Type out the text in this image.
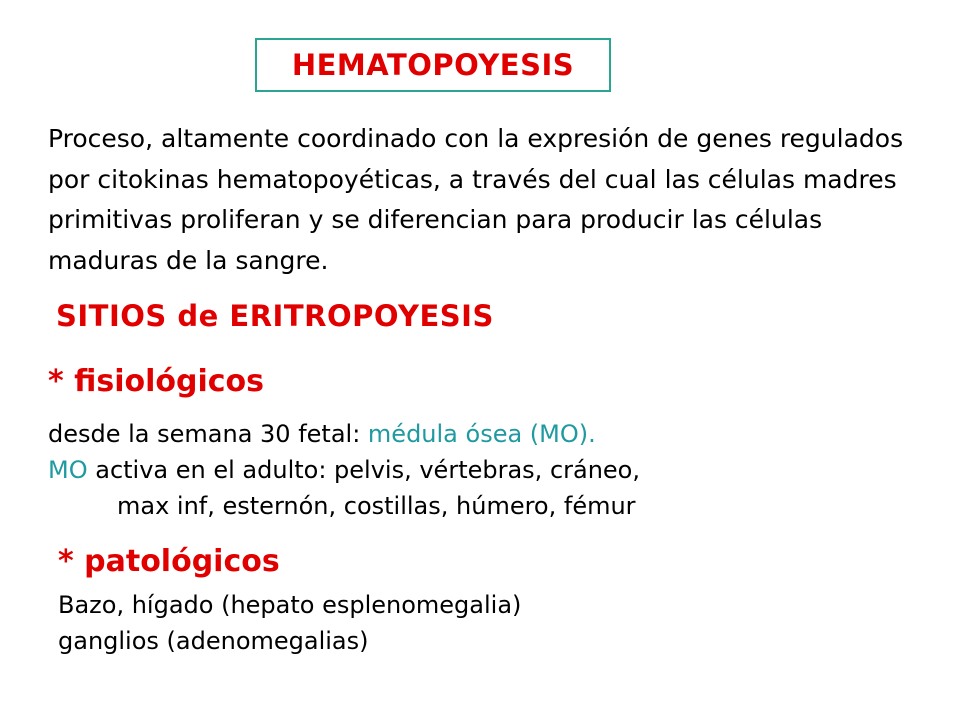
HEMATOPOYESIS

Proceso, altamente coordinado con la expresión de genes regulados por citokinas hematopoyéticas, a través del cual las células madres primitivas proliferan y se diferencian para producir las células maduras de la sangre.

SITIOS de ERITROPOYESIS
* fisiológicos
desde la semana 30 fetal: médula ósea (MO).
MO activa en el adulto: pelvis, vértebras, cráneo,
max inf, esternón, costillas, húmero, fémur
* patológicos
Bazo, hígado (hepato esplenomegalia)
ganglios (adenomegalias)
